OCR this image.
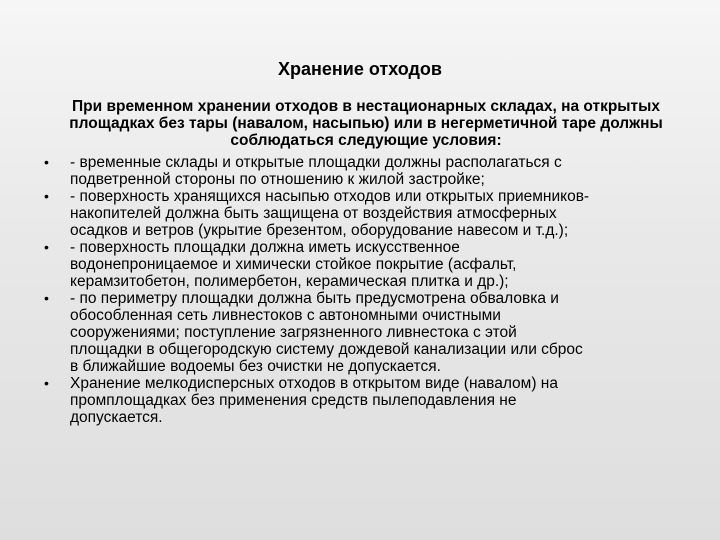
Хранение отходов
При временном хранении отходов в нестационарных складах, на открытых площадках без тары (навалом, насыпью) или в негерметичной таре должны соблюдаться следующие условия:
•	- временные склады и открытые площадки должны располагаться с
подветренной стороны по отношению к жилой застройке;
•	- поверхность хранящихся насыпью отходов или открытых приемников-
накопителей должна быть защищена от воздействия атмосферных
осадков и ветров (укрытие брезентом, оборудование навесом и т.д.);
•	- поверхность площадки должна иметь искусственное
водонепроницаемое и химически стойкое покрытие (асфальт,
керамзитобетон, полимербетон, керамическая плитка и др.);
•	- по периметру площадки должна быть предусмотрена обваловка и
обособленная сеть ливнестоков с автономными очистными
сооружениями; поступление загрязненного ливнестока с этой
площадки в общегородскую систему дождевой канализации или сброс
в ближайшие водоемы без очистки не допускается.
•	Хранение мелкодисперсных отходов в открытом виде (навалом) на
промплощадках без применения средств пылеподавления не
допускается.
